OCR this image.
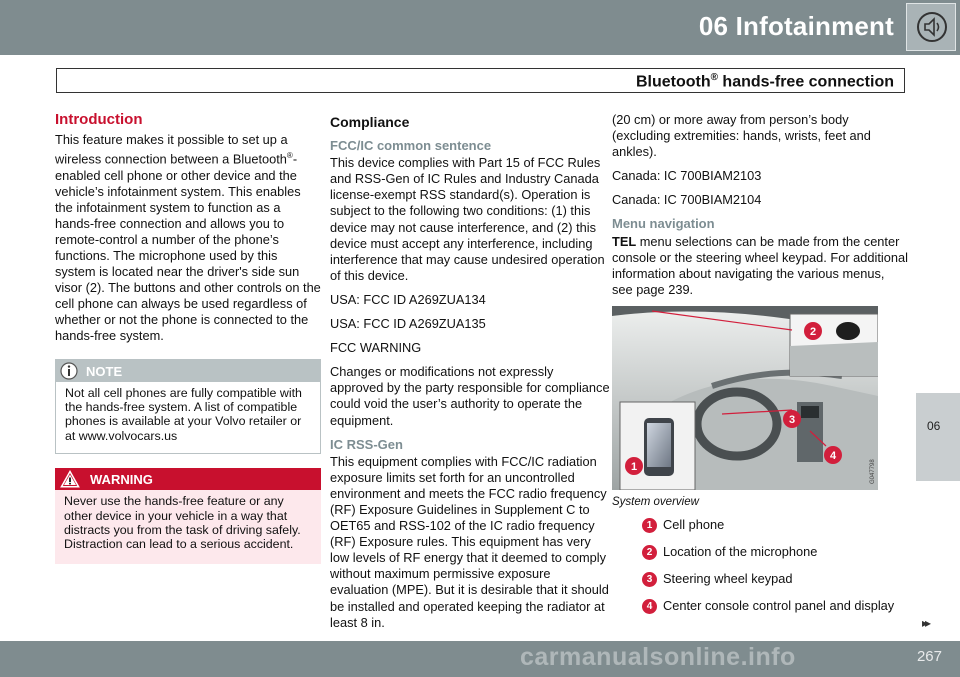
06 Infotainment
Bluetooth® hands-free connection
Introduction

This feature makes it possible to set up a wireless connection between a Bluetooth®-enabled cell phone or other device and the vehicle’s infotainment system. This enables the infotainment system to function as a hands-free connection and allows you to remote-control a number of the phone’s functions. The microphone used by this system is located near the driver's side sun visor (2). The buttons and other controls on the cell phone can always be used regardless of whether or not the phone is connected to the hands-free system.

NOTE
Not all cell phones are fully compatible with the hands-free system. A list of compatible phones is available at your Volvo retailer or at www.volvocars.us
WARNING
Never use the hands-free feature or any other device in your vehicle in a way that distracts you from the task of driving safely. Distraction can lead to a serious accident.
Compliance
FCC/IC common sentence

This device complies with Part 15 of FCC Rules and RSS-Gen of IC Rules and Industry Canada license-exempt RSS standard(s). Operation is subject to the following two conditions: (1) this device may not cause interference, and (2) this device must accept any interference, including interference that may cause undesired operation of this device.

USA: FCC ID A269ZUA134

USA: FCC ID A269ZUA135

FCC WARNING

Changes or modifications not expressly approved by the party responsible for compliance could void the user’s authority to operate the equipment.

IC RSS-Gen

This equipment complies with FCC/IC radiation exposure limits set forth for an uncontrolled environment and meets the FCC radio frequency (RF) Exposure Guidelines in Supplement C to OET65 and RSS-102 of the IC radio frequency (RF) Exposure rules. This equipment has very low levels of RF energy that it deemed to comply without maximum permissive exposure evaluation (MPE). But it is desirable that it should be installed and operated keeping the radiator at least 8 in.

(20 cm) or more away from person’s body (excluding extremities: hands, wrists, feet and ankles).

Canada: IC 700BIAM2103

Canada: IC 700BIAM2104

Menu navigation

TEL menu selections can be made from the center console or the steering wheel keypad. For additional information about navigating the various menus, see page 239.

1
2
3
4
G047798
System overview
1 Cell phone
2 Location of the microphone
3 Steering wheel keypad
4 Center console control panel and display
06
▸▸
267
carmanualsonline.info
